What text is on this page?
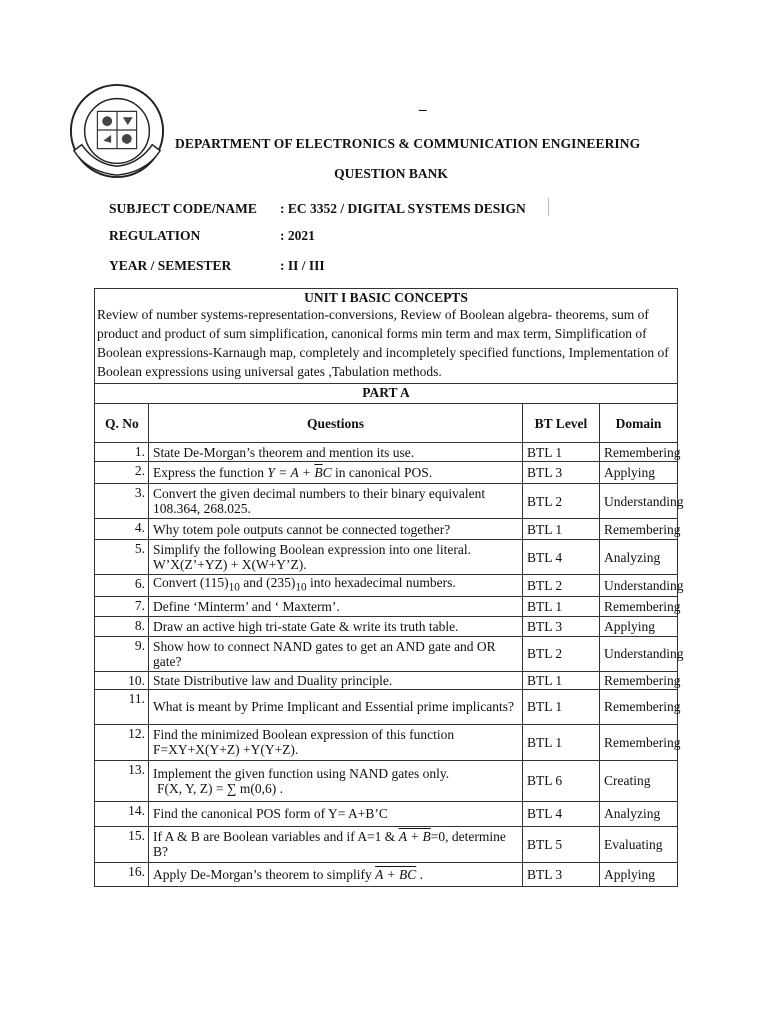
_
DEPARTMENT OF ELECTRONICS & COMMUNICATION ENGINEERING
QUESTION BANK
SUBJECT CODE/NAME : EC 3352 / DIGITAL SYSTEMS DESIGN
REGULATION	: 2021
YEAR / SEMESTER	: II / III
UNIT I BASIC CONCEPTS
Review of number systems-representation-conversions, Review of Boolean algebra- theorems, sum of product and product of sum simplification, canonical forms min term and max term, Simplification of Boolean expressions-Karnaugh map, completely and incompletely specified functions, Implementation of Boolean expressions using universal gates ,Tabulation methods.
PART A
Q. No	Questions	BT Level	Domain
1.	State De-Morgan’s theorem and mention its use.	BTL 1	Remembering
2.	Express the function $Y = A + \overline{B}C$ in canonical POS.	BTL 3	Applying
3.	Convert the given decimal numbers to their binary equivalent 108.364, 268.025.	BTL 2	Understanding
4.	Why totem pole outputs cannot be connected together?	BTL 1	Remembering
5.	Simplify the following Boolean expression into one literal. W’X(Z’+YZ) + X(W+Y’Z).	BTL 4	Analyzing
6.	Convert $(115)_{10}$ and $(235)_{10}$ into hexadecimal numbers.	BTL 2	Understanding
7.	Define ‘Minterm’ and ‘ Maxterm’.	BTL 1	Remembering
8.	Draw an active high tri-state Gate & write its truth table.	BTL 3	Applying
9.	Show how to connect NAND gates to get an AND gate and OR gate?	BTL 2	Understanding
10.	State Distributive law and Duality principle.	BTL 1	Remembering
11.	What is meant by Prime Implicant and Essential prime implicants?	BTL 1	Remembering
12.	Find the minimized Boolean expression of this function F=XY+X(Y+Z) +Y(Y+Z).	BTL 1	Remembering
13.	Implement the given function using NAND gates only.
F(X, Y, Z) = ∑ m(0,6) .	BTL 6	Creating
14.	Find the canonical POS form of Y= A+B’C	BTL 4	Analyzing
15.	If A & B are Boolean variables and if A=1 & A + B=0, determine B?	BTL 5	Evaluating
16.	Apply De-Morgan’s theorem to simplify A + BC .	BTL 3	Applying
